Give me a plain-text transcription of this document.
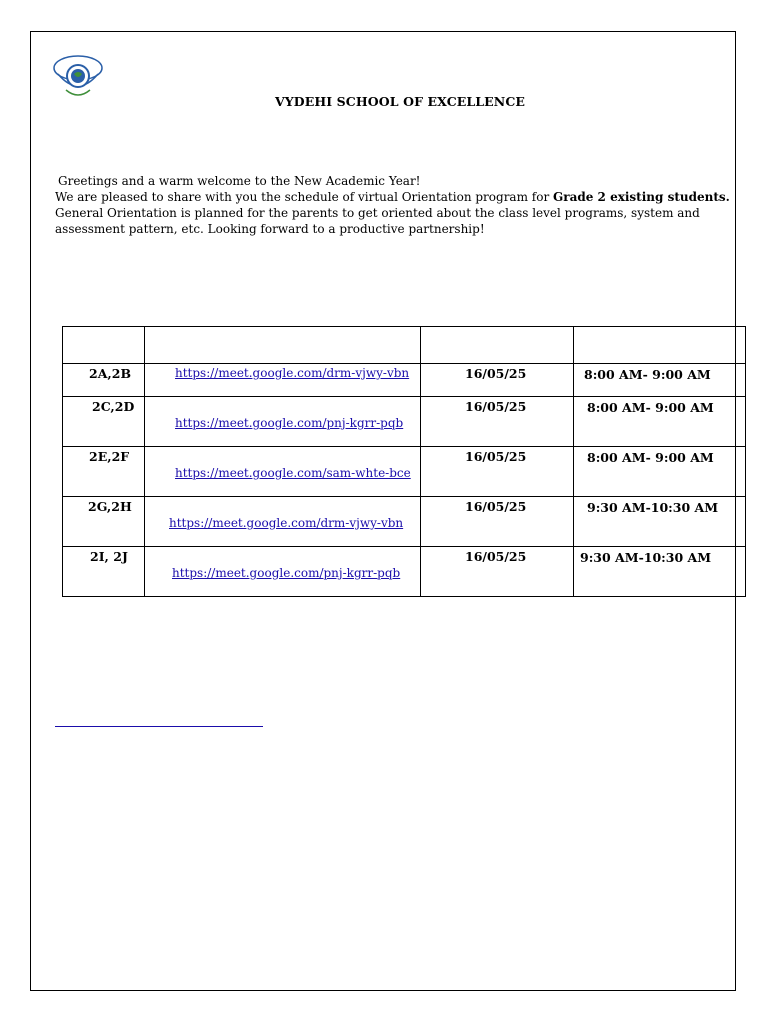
VYDEHI SCHOOL OF EXCELLENCE

Greetings and a warm welcome to the New Academic Year!

We are pleased to share with you the schedule of virtual Orientation program for Grade 2 existing students.

General Orientation is planned for the parents to get oriented about the class level programs, system and

assessment pattern, etc. Looking forward to a productive partnership!

2A,2B	https://meet.google.com/drm-vjwy-vbn	16/05/25	8:00 AM- 9:00 AM

2C,2D	https://meet.google.com/pnj-kgrr-pqb	16/05/25	8:00 AM- 9:00 AM

2E,2F	https://meet.google.com/sam-whte-bce	16/05/25	8:00 AM- 9:00 AM

2G,2H	https://meet.google.com/drm-vjwy-vbn	16/05/25	9:30 AM-10:30 AM

2I, 2J	https://meet.google.com/pnj-kgrr-pqb	16/05/25	9:30 AM-10:30 AM
